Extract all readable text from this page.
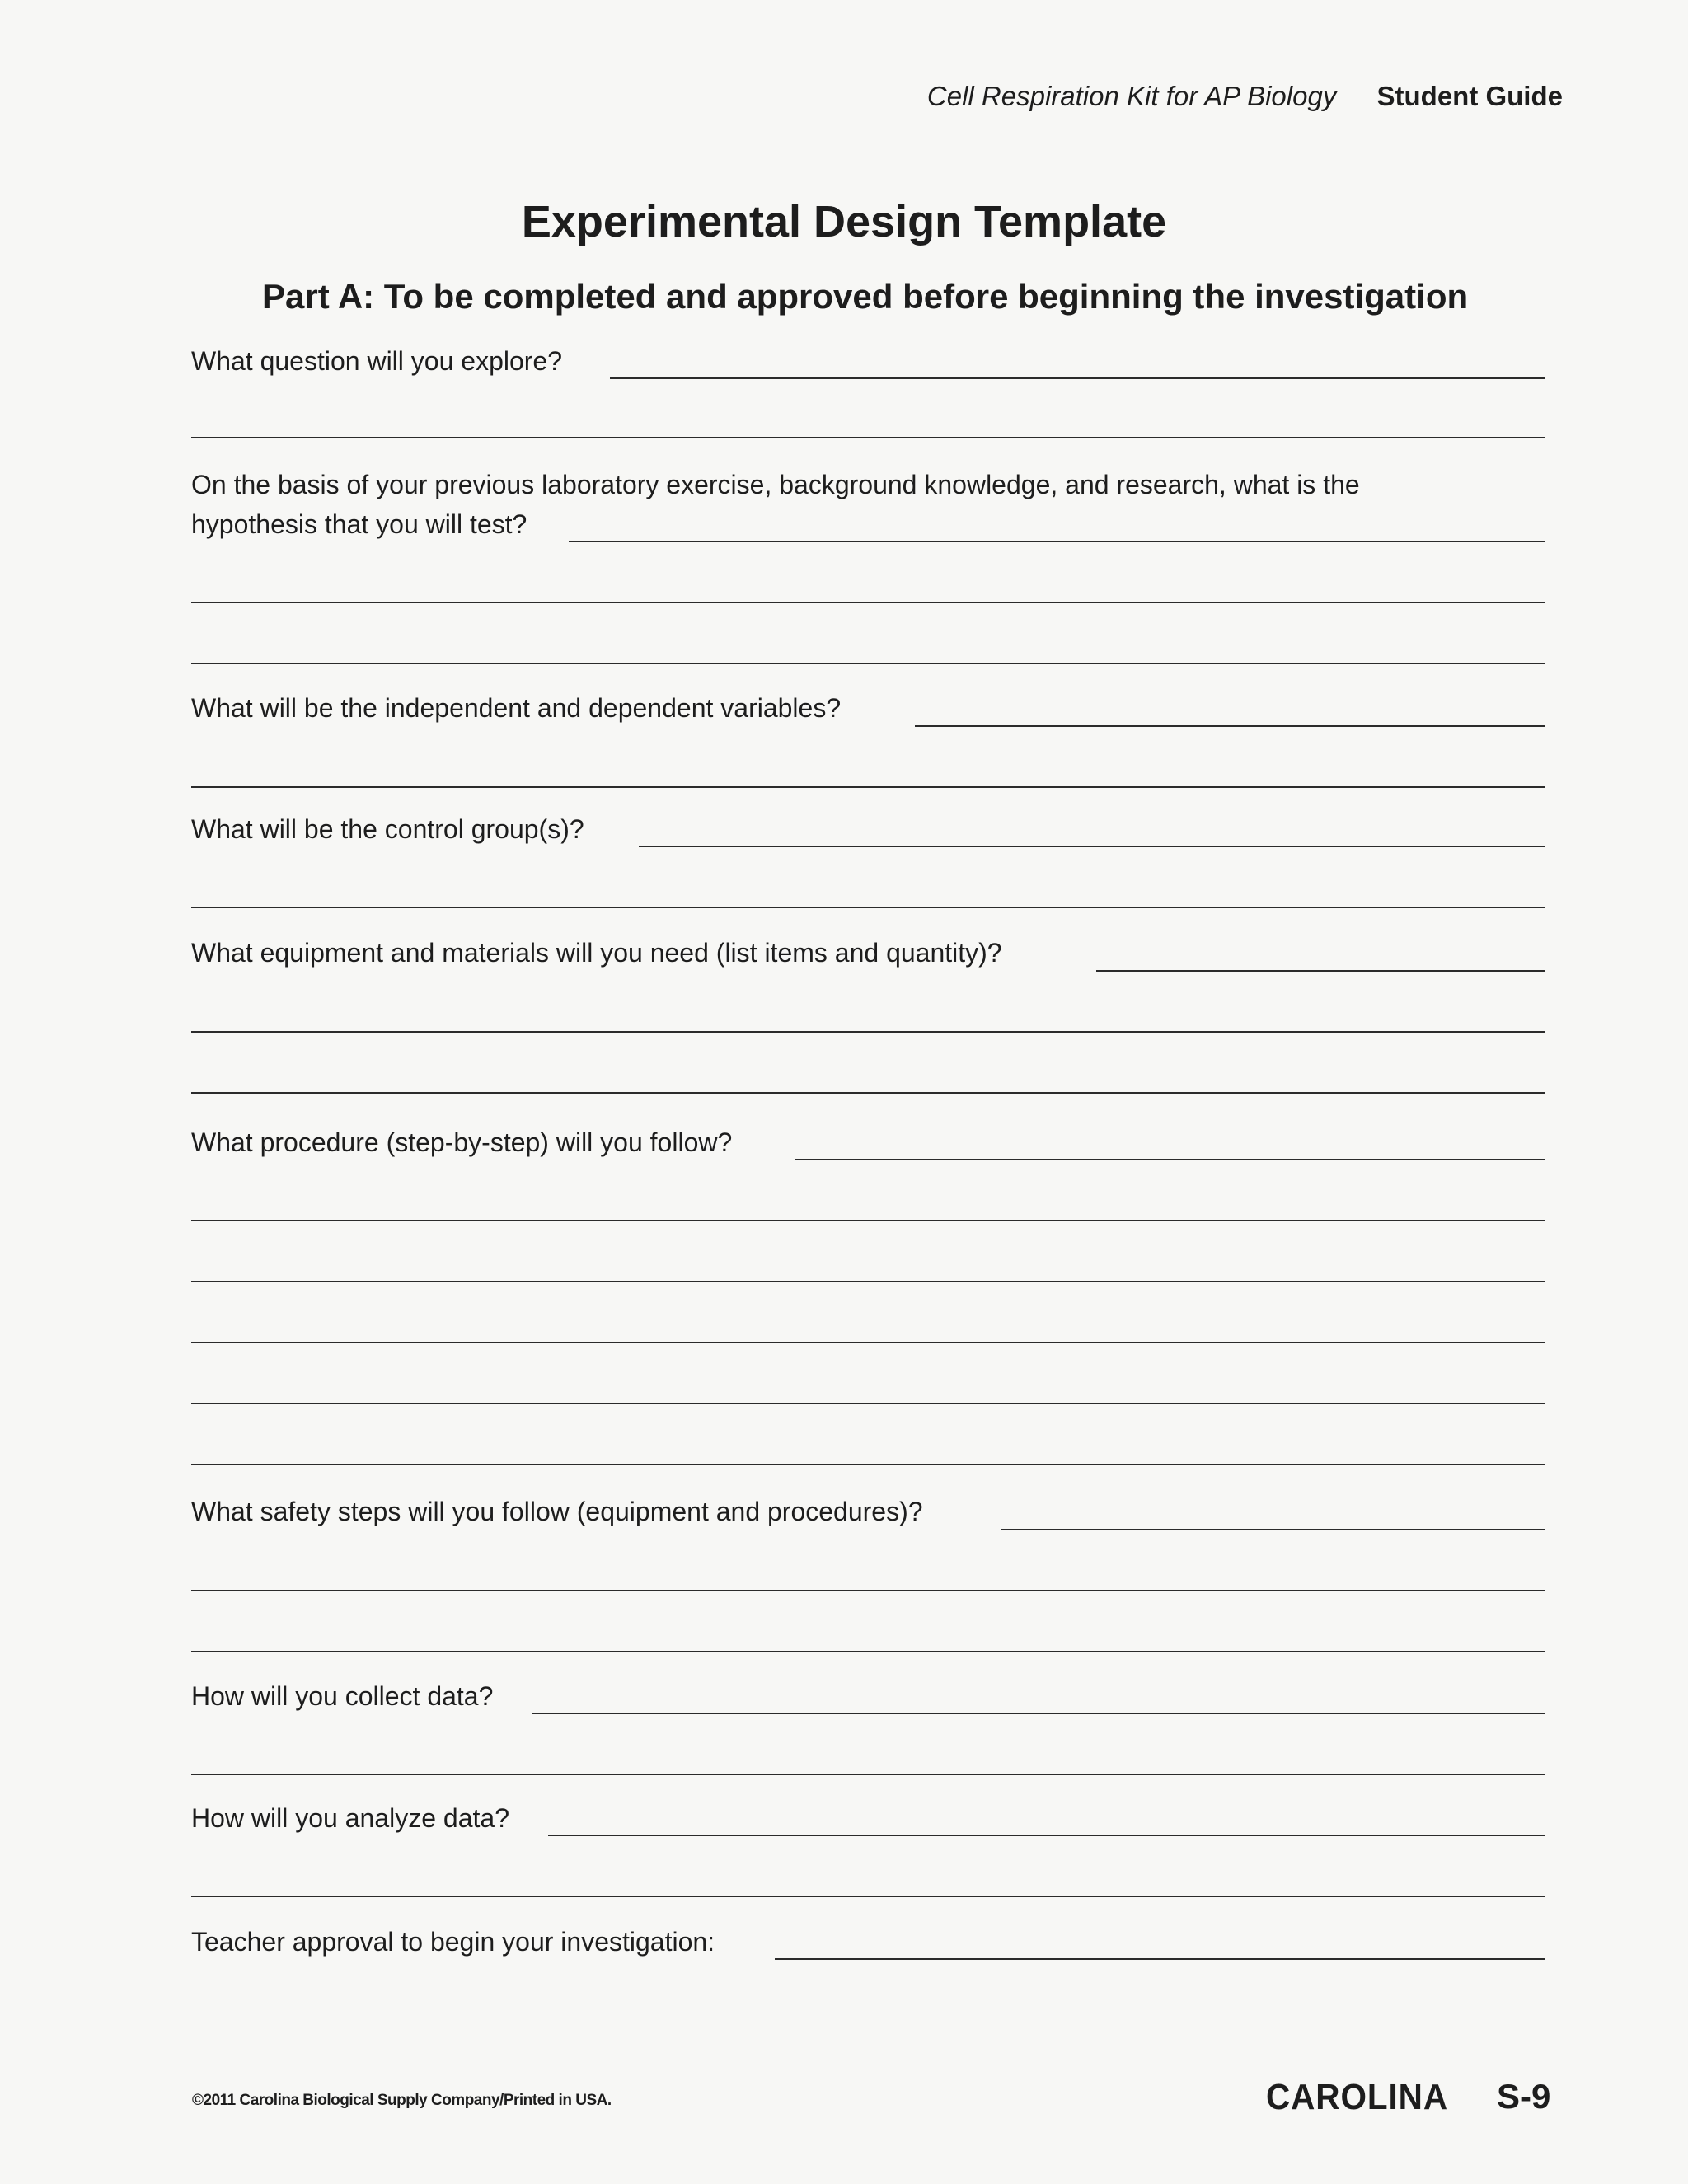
Cell Respiration Kit for AP Biology Student Guide
Experimental Design Template
Part A: To be completed and approved before beginning the investigation
What question will you explore?
On the basis of your previous laboratory exercise, background knowledge, and research, what is the
hypothesis that you will test?
What will be the independent and dependent variables?
What will be the control group(s)?
What equipment and materials will you need (list items and quantity)?
What procedure (step-by-step) will you follow?
What safety steps will you follow (equipment and procedures)?
How will you collect data?
How will you analyze data?
Teacher approval to begin your investigation:
©2011 Carolina Biological Supply Company/Printed in USA.	CAROLINA S-9
